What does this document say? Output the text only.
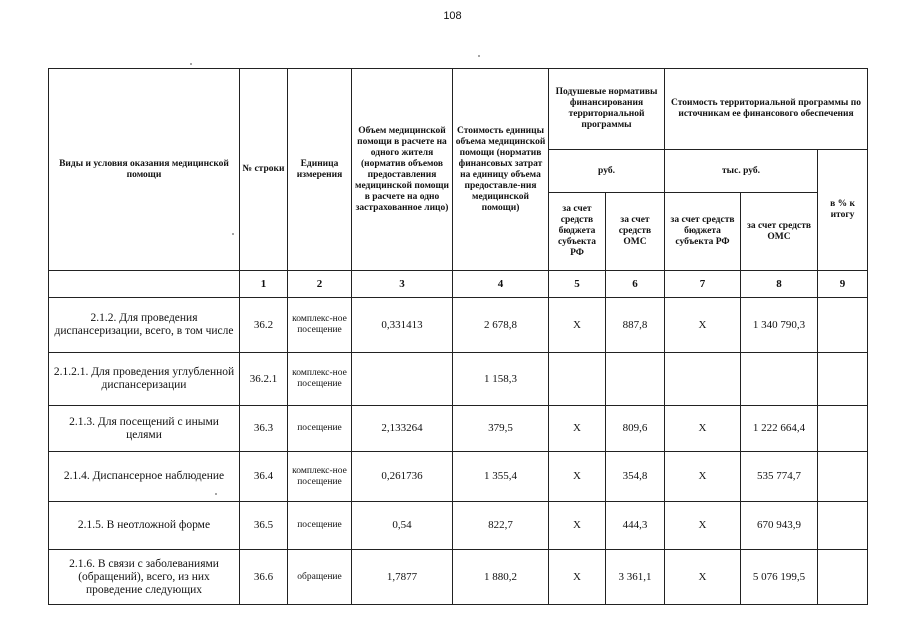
108
Виды и условия оказания медицинской помощи	№ строки	Единица измерения	Объем медицинской помощи в расчете на одного жителя (норматив объемов предоставления медицинской помощи в расчете на одно застрахованное лицо)	Стоимость единицы объема медицинской помощи (норматив финансовых затрат на единицу объема предоставле-ния медицинской помощи)	Подушевые нормативы финансирования территориальной программы		Стоимость территориальной программы по источникам ее финансового обеспечения		
					руб.		тыс. руб.		в % к итогу
					за счет средств бюджета субъекта РФ	за счет средств ОМС	за счет средств бюджета субъекта РФ	за счет средств ОМС	
	1	2	3	4	5	6	7	8	9
2.1.2. Для проведения диспансеризации, всего, в том числе	36.2	комплекс-ное посещение	0,331413	2 678,8	Х	887,8	Х	1 340 790,3	
2.1.2.1. Для проведения углубленной диспансеризации	36.2.1	комплекс-ное посещение		1 158,3					
2.1.3. Для посещений с иными целями	36.3	посещение	2,133264	379,5	Х	809,6	Х	1 222 664,4	
2.1.4. Диспансерное наблюдение	36.4	комплекс-ное посещение	0,261736	1 355,4	Х	354,8	Х	535 774,7	
2.1.5. В неотложной форме	36.5	посещение	0,54	822,7	Х	444,3	Х	670 943,9	
2.1.6. В связи с заболеваниями (обращений), всего, из них проведение следующих	36.6	обращение	1,7877	1 880,2	Х	3 361,1	Х	5 076 199,5	
